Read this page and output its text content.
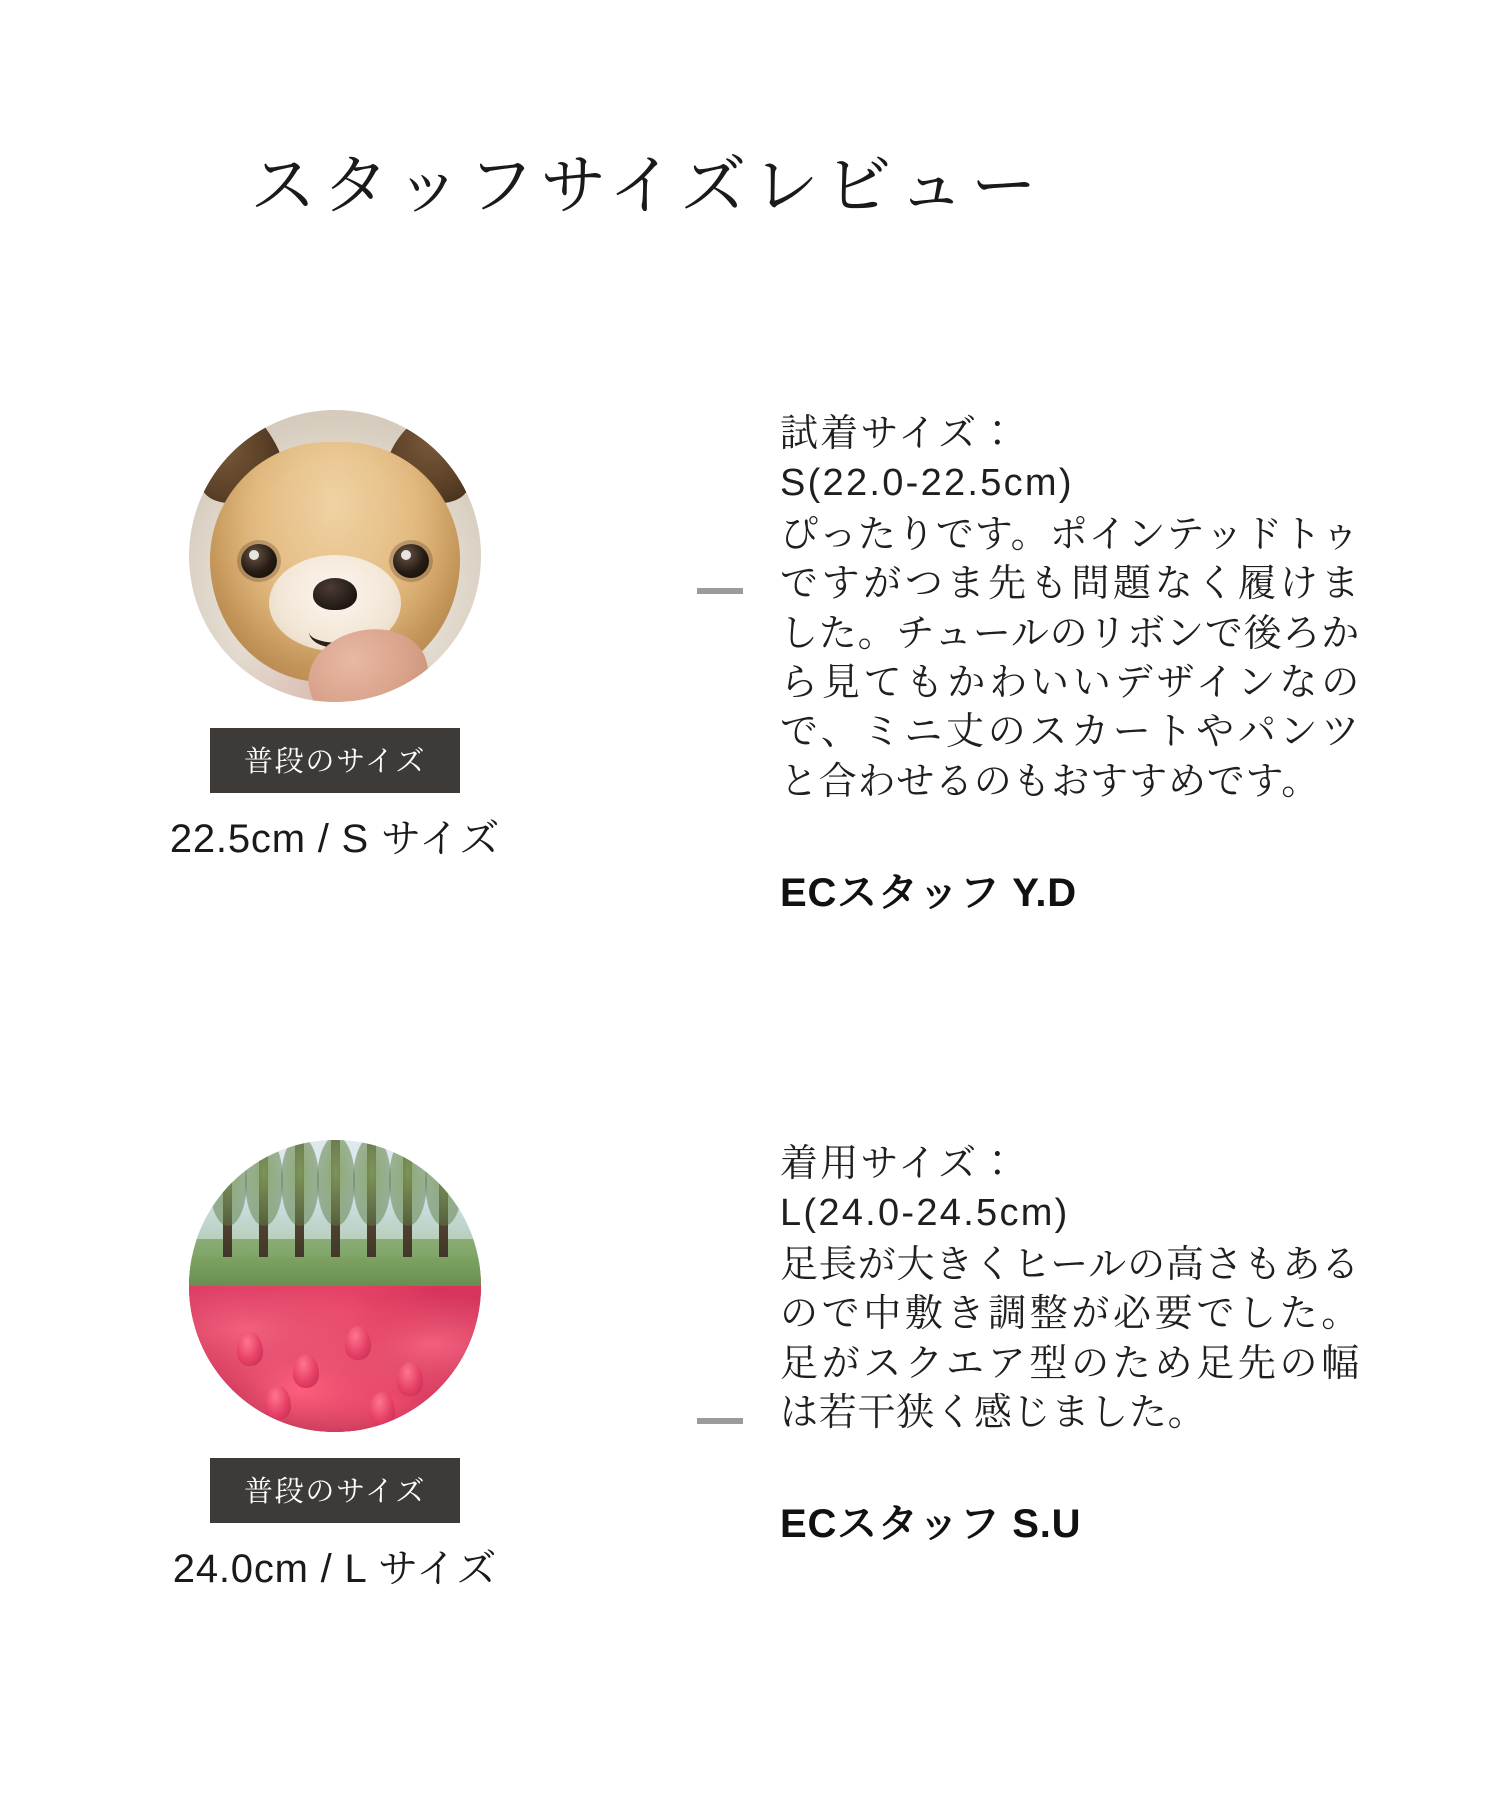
スタッフサイズレビュー
普段のサイズ
22.5cm / S サイズ
試着サイズ：
S(22.0-22.5cm)

ぴったりです。ポインテッドトゥですがつま先も問題なく履けました。チュールのリボンで後ろから見てもかわいいデザインなので、ミニ丈のスカートやパンツと合わせるのもおすすめです。

ECスタッフ Y.D
普段のサイズ
24.0cm / L サイズ
着用サイズ：
L(24.0-24.5cm)

足長が大きくヒールの高さもあるので中敷き調整が必要でした。足がスクエア型のため足先の幅は若干狭く感じました。

ECスタッフ S.U
